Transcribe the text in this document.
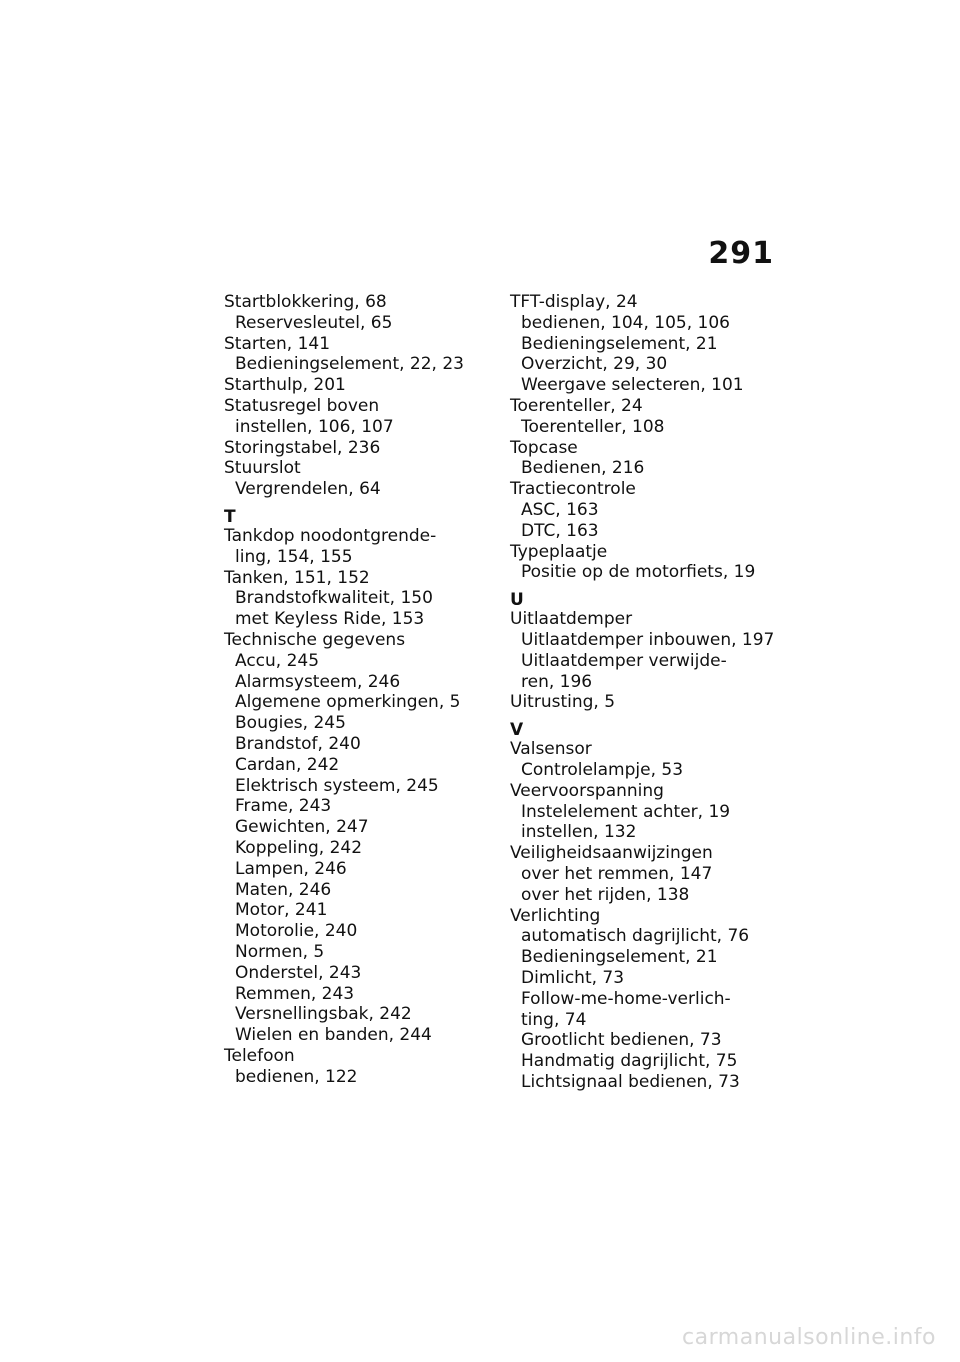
291
Startblokkering, 68
Reservesleutel, 65
Starten, 141
Bedieningselement, 22, 23
Starthulp, 201
Statusregel boven
instellen, 106, 107
Storingstabel, 236
Stuurslot
Vergrendelen, 64
T
Tankdop noodontgrende-
ling, 154, 155
Tanken, 151, 152
Brandstofkwaliteit, 150
met Keyless Ride, 153
Technische gegevens
Accu, 245
Alarmsysteem, 246
Algemene opmerkingen, 5
Bougies, 245
Brandstof, 240
Cardan, 242
Elektrisch systeem, 245
Frame, 243
Gewichten, 247
Koppeling, 242
Lampen, 246
Maten, 246
Motor, 241
Motorolie, 240
Normen, 5
Onderstel, 243
Remmen, 243
Versnellingsbak, 242
Wielen en banden, 244
Telefoon
bedienen, 122
TFT-display, 24
bedienen, 104, 105, 106
Bedieningselement, 21
Overzicht, 29, 30
Weergave selecteren, 101
Toerenteller, 24
Toerenteller, 108
Topcase
Bedienen, 216
Tractiecontrole
ASC, 163
DTC, 163
Typeplaatje
Positie op de motorfiets, 19
U
Uitlaatdemper
Uitlaatdemper inbouwen, 197
Uitlaatdemper verwijde-
ren, 196
Uitrusting, 5
V
Valsensor
Controlelampje, 53
Veervoorspanning
Instelelement achter, 19
instellen, 132
Veiligheidsaanwijzingen
over het remmen, 147
over het rijden, 138
Verlichting
automatisch dagrijlicht, 76
Bedieningselement, 21
Dimlicht, 73
Follow-me-home-verlich-
ting, 74
Grootlicht bedienen, 73
Handmatig dagrijlicht, 75
Lichtsignaal bedienen, 73
carmanualsonline.info
